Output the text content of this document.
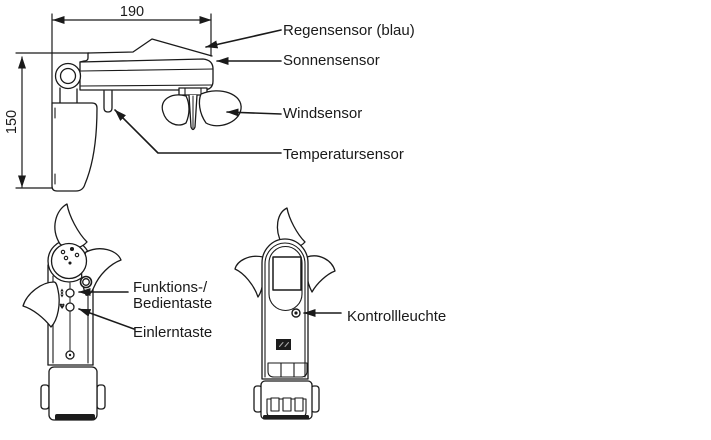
190
150
Regensensor (blau)
Sonnensensor
Windsensor
Temperatursensor
Funktions-/
Bedientaste
Einlerntaste
Kontrollleuchte
